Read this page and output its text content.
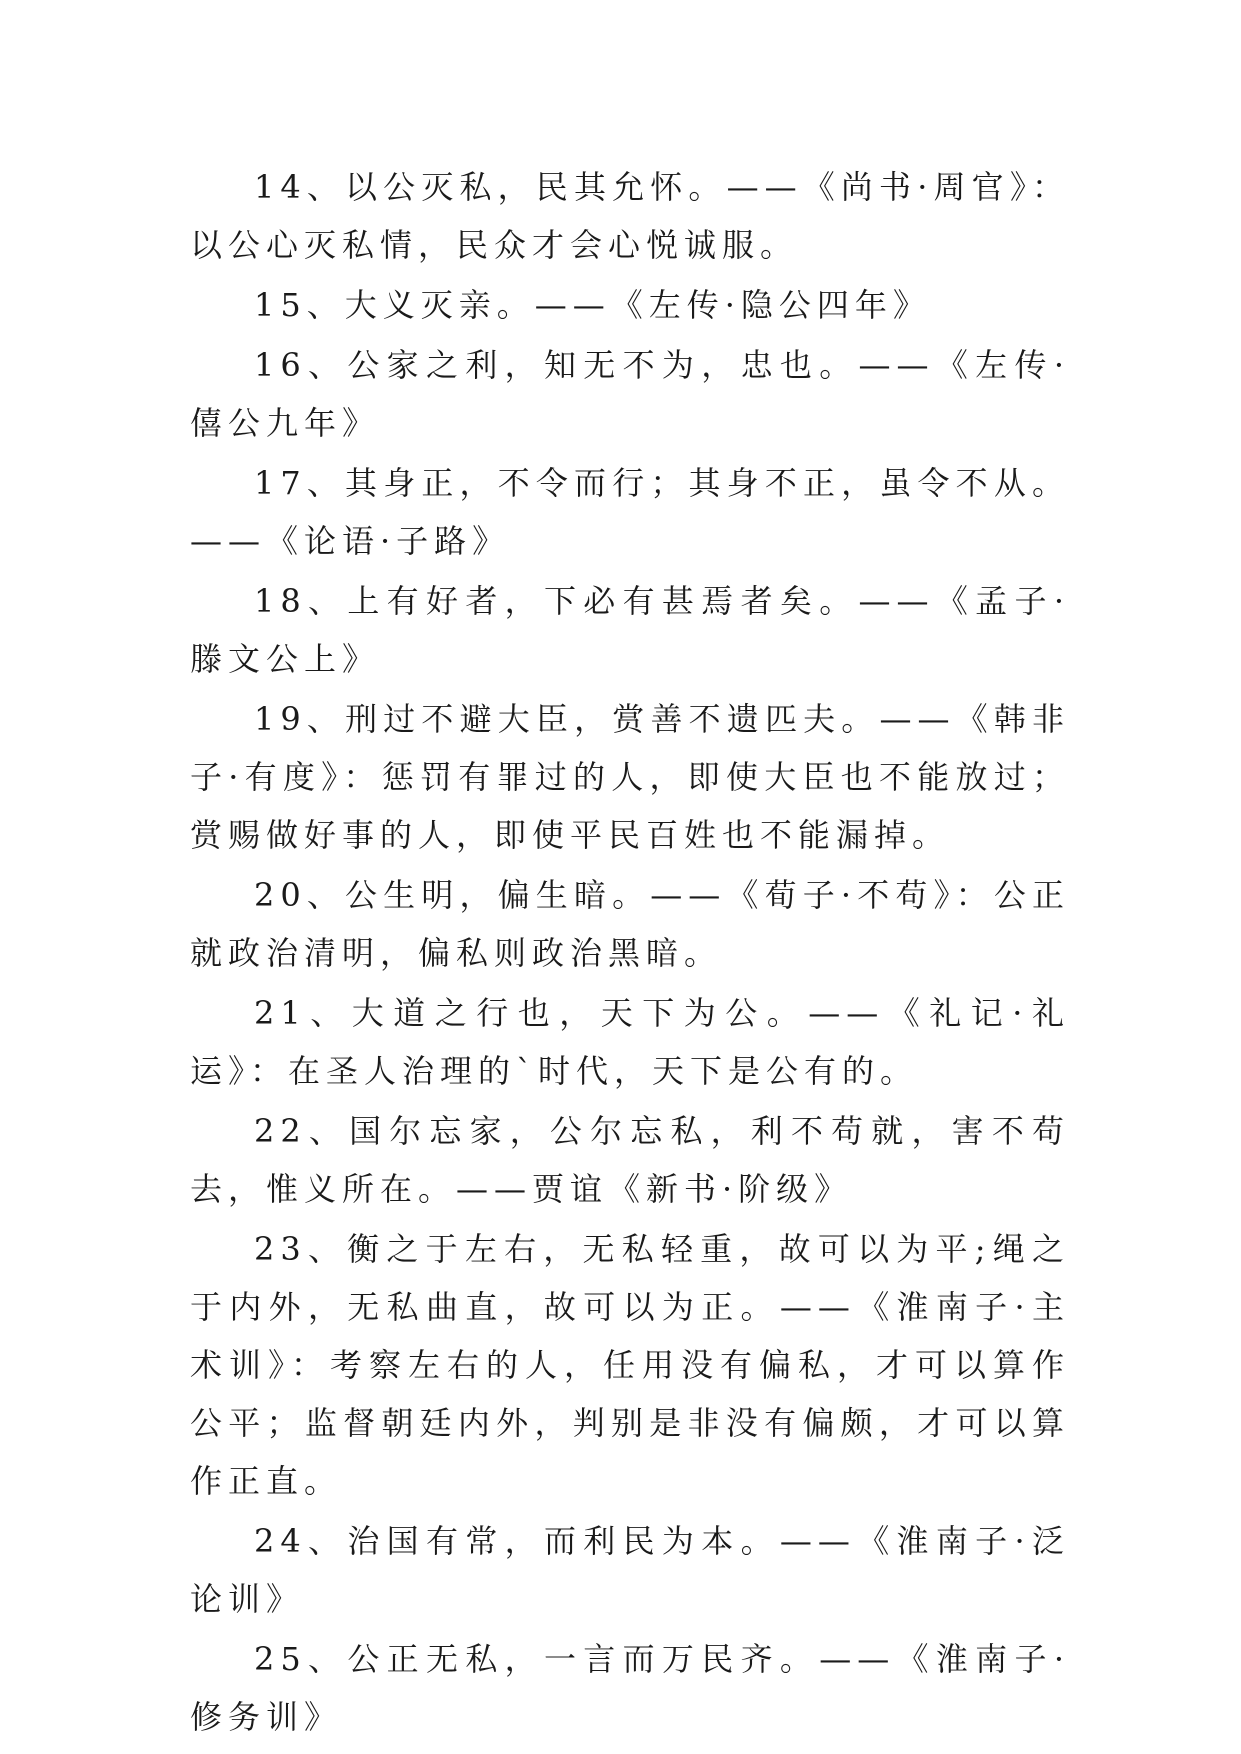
14、以公灭私，民其允怀。——《尚书·周官》：以公心灭私情，民众才会心悦诚服。

15、大义灭亲。——《左传·隐公四年》

16、公家之利，知无不为，忠也。——《左传·僖公九年》

17、其身正，不令而行；其身不正，虽令不从。——《论语·子路》

18、上有好者，下必有甚焉者矣。——《孟子·滕文公上》

19、刑过不避大臣，赏善不遗匹夫。——《韩非子·有度》：惩罚有罪过的人，即使大臣也不能放过；赏赐做好事的人，即使平民百姓也不能漏掉。

20、公生明，偏生暗。——《荀子·不苟》：公正就政治清明，偏私则政治黑暗。

21、大道之行也，天下为公。——《礼记·礼运》：在圣人治理的`时代，天下是公有的。

22、国尔忘家，公尔忘私，利不苟就，害不苟去，惟义所在。——贾谊《新书·阶级》

23、衡之于左右，无私轻重，故可以为平;绳之于内外，无私曲直，故可以为正。——《淮南子·主术训》：考察左右的人，任用没有偏私，才可以算作公平；监督朝廷内外，判别是非没有偏颇，才可以算作正直。

24、治国有常，而利民为本。——《淮南子·泛论训》

25、公正无私，一言而万民齐。——《淮南子·修务训》
